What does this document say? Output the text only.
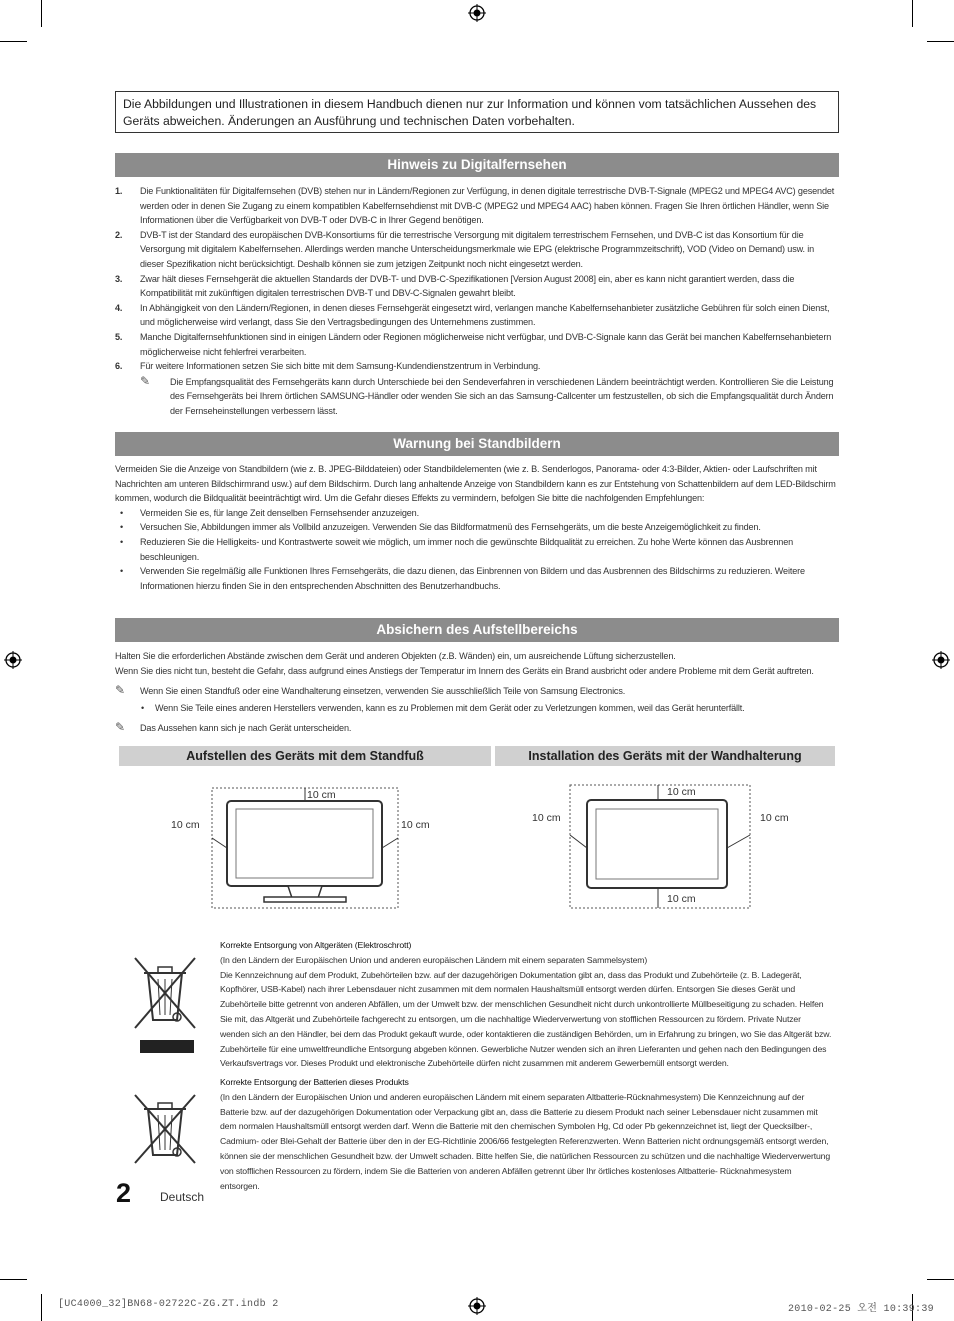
Die Abbildungen und Illustrationen in diesem Handbuch dienen nur zur Information und können vom tatsächlichen Aussehen des Geräts abweichen. Änderungen an Ausführung und technischen Daten vorbehalten.
Hinweis zu Digitalfernsehen
1. Die Funktionalitäten für Digitalfernsehen (DVB) stehen nur in Ländern/Regionen zur Verfügung, in denen digitale terrestrische DVB-T-Signale (MPEG2 und MPEG4 AVC) gesendet werden oder in denen Sie Zugang zu einem kompatiblen Kabelfernsehdienst mit DVB-C (MPEG2 und MPEG4 AAC) haben können. Fragen Sie Ihren örtlichen Händler, wenn Sie Informationen über die Verfügbarkeit von DVB-T oder DVB-C in Ihrer Gegend benötigen.
2. DVB-T ist der Standard des europäischen DVB-Konsortiums für die terrestrische Versorgung mit digitalem terrestrischem Fernsehen, und DVB-C ist das Konsortium für die Versorgung mit digitalem Kabelfernsehen. Allerdings werden manche Unterscheidungsmerkmale wie EPG (elektrische Programmzeitschrift), VOD (Video on Demand) usw. in dieser Spezifikation nicht berücksichtigt. Deshalb können sie zum jetzigen Zeitpunkt noch nicht eingesetzt werden.
3. Zwar hält dieses Fernsehgerät die aktuellen Standards der DVB-T- und DVB-C-Spezifikationen [Version August 2008] ein, aber es kann nicht garantiert werden, dass die Kompatibilität mit zukünftigen digitalen terrestrischen DVB-T und DBV-C-Signalen gewahrt bleibt.
4. In Abhängigkeit von den Ländern/Regionen, in denen dieses Fernsehgerät eingesetzt wird, verlangen manche Kabelfernsehanbieter zusätzliche Gebühren für solch einen Dienst, und möglicherweise wird verlangt, dass Sie den Vertragsbedingungen des Unternehmens zustimmen.
5. Manche Digitalfernsehfunktionen sind in einigen Ländern oder Regionen möglicherweise nicht verfügbar, und DVB-C-Signale kann das Gerät bei manchen Kabelfernsehanbietern möglicherweise nicht fehlerfrei verarbeiten.
6. Für weitere Informationen setzen Sie sich bitte mit dem Samsung-Kundendienstzentrum in Verbindung.
✎ Die Empfangsqualität des Fernsehgeräts kann durch Unterschiede bei den Sendeverfahren in verschiedenen Ländern beeinträchtigt werden. Kontrollieren Sie die Leistung des Fernsehgeräts bei Ihrem örtlichen SAMSUNG-Händler oder wenden Sie sich an das Samsung-Callcenter um festzustellen, ob sich die Empfangsqualität durch Ändern der Fernseheinstellungen verbessern lässt.
Warnung bei Standbildern

Vermeiden Sie die Anzeige von Standbildern (wie z. B. JPEG-Bilddateien) oder Standbildelementen (wie z. B. Senderlogos, Panorama- oder 4:3-Bilder, Aktien- oder Laufschriften mit Nachrichten am unteren Bildschirmrand usw.) auf dem Bildschirm. Durch lang anhaltende Anzeige von Standbildern kann es zur Entstehung von Schattenbildern auf dem LED-Bildschirm kommen, wodurch die Bildqualität beeinträchtigt wird. Um die Gefahr dieses Effekts zu vermindern, befolgen Sie bitte die nachfolgenden Empfehlungen:

• Vermeiden Sie es, für lange Zeit denselben Fernsehsender anzuzeigen.
• Versuchen Sie, Abbildungen immer als Vollbild anzuzeigen. Verwenden Sie das Bildformatmenü des Fernsehgeräts, um die beste Anzeigemöglichkeit zu finden.
• Reduzieren Sie die Helligkeits- und Kontrastwerte soweit wie möglich, um immer noch die gewünschte Bildqualität zu erreichen. Zu hohe Werte können das Ausbrennen beschleunigen.
• Verwenden Sie regelmäßig alle Funktionen Ihres Fernsehgeräts, die dazu dienen, das Einbrennen von Bildern und das Ausbrennen des Bildschirms zu reduzieren. Weitere Informationen hierzu finden Sie in den entsprechenden Abschnitten des Benutzerhandbuchs.
Absichern des Aufstellbereichs

Halten Sie die erforderlichen Abstände zwischen dem Gerät und anderen Objekten (z.B. Wänden) ein, um ausreichende Lüftung sicherzustellen.

Wenn Sie dies nicht tun, besteht die Gefahr, dass aufgrund eines Anstiegs der Temperatur im Innern des Geräts ein Brand ausbricht oder andere Probleme mit dem Gerät auftreten.

✎ Wenn Sie einen Standfuß oder eine Wandhalterung einsetzen, verwenden Sie ausschließlich Teile von Samsung Electronics.
• Wenn Sie Teile eines anderen Herstellers verwenden, kann es zu Problemen mit dem Gerät oder zu Verletzungen kommen, weil das Gerät herunterfällt.
✎ Das Aussehen kann sich je nach Gerät unterscheiden.
Aufstellen des Geräts mit dem Standfuß	Installation des Geräts mit der Wandhalterung
10 cm
10 cm	10 cm
10 cm
10 cm	10 cm
10 cm
Korrekte Entsorgung von Altgeräten (Elektroschrott)
(In den Ländern der Europäischen Union und anderen europäischen Ländern mit einem separaten Sammelsystem)
Die Kennzeichnung auf dem Produkt, Zubehörteilen bzw. auf der dazugehörigen Dokumentation gibt an, dass das Produkt und Zubehörteile (z. B. Ladegerät, Kopfhörer, USB-Kabel) nach ihrer Lebensdauer nicht zusammen mit dem normalen Haushaltsmüll entsorgt werden dürfen. Entsorgen Sie dieses Gerät und Zubehörteile bitte getrennt von anderen Abfällen, um der Umwelt bzw. der menschlichen Gesundheit nicht durch unkontrollierte Müllbeseitigung zu schaden. Helfen Sie mit, das Altgerät und Zubehörteile fachgerecht zu entsorgen, um die nachhaltige Wiederverwertung von stofflichen Ressourcen zu fördern. Private Nutzer wenden sich an den Händler, bei dem das Produkt gekauft wurde, oder kontaktieren die zuständigen Behörden, um in Erfahrung zu bringen, wo Sie das Altgerät bzw. Zubehörteile für eine umweltfreundliche Entsorgung abgeben können. Gewerbliche Nutzer wenden sich an ihren Lieferanten und gehen nach den Bedingungen des Verkaufsvertrags vor. Dieses Produkt und elektronische Zubehörteile dürfen nicht zusammen mit anderem Gewerbemüll entsorgt werden.
Korrekte Entsorgung der Batterien dieses Produkts
(In den Ländern der Europäischen Union und anderen europäischen Ländern mit einem separaten Altbatterie-Rücknahmesystem) Die Kennzeichnung auf der Batterie bzw. auf der dazugehörigen Dokumentation oder Verpackung gibt an, dass die Batterie zu diesem Produkt nach seiner Lebensdauer nicht zusammen mit dem normalen Haushaltsmüll entsorgt werden darf. Wenn die Batterie mit den chemischen Symbolen Hg, Cd oder Pb gekennzeichnet ist, liegt der Quecksilber-, Cadmium- oder Blei-Gehalt der Batterie über den in der EG-Richtlinie 2006/66 festgelegten Referenzwerten. Wenn Batterien nicht ordnungsgemäß entsorgt werden, können sie der menschlichen Gesundheit bzw. der Umwelt schaden. Bitte helfen Sie, die natürlichen Ressourcen zu schützen und die nachhaltige Wiederverwertung von stofflichen Ressourcen zu fördern, indem Sie die Batterien von anderen Abfällen getrennt über Ihr örtliches kostenloses Altbatterie- Rücknahmesystem entsorgen.
2 Deutsch
[UC4000_32]BN68-02722C-ZG.ZT.indb 2	2010-02-25 오전 10:39:39
